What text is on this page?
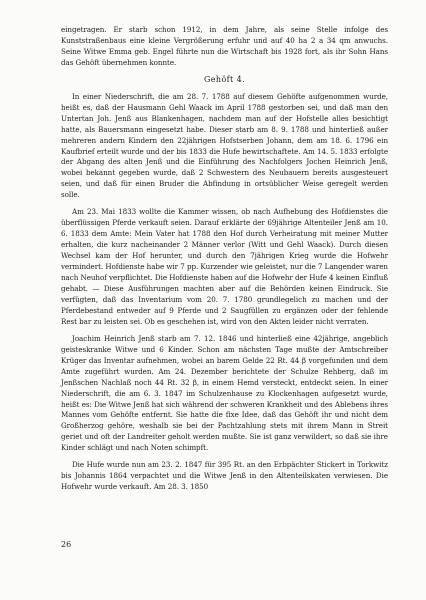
eingetragen. Er starb schon 1912, in dem Jahre, als seine Stelle infolge des Kunststraßenbaus eine kleine Vergrößerung erfuhr und auf 40 ha 2 a 34 qm anwuchs. Seine Witwe Emma geb. Engel führte nun die Wirtschaft bis 1928 fort, als ihr Sohn Hans das Gehöft übernehmen konnte.

Gehöft 4.

In einer Niederschrift, die am 28. 7. 1788 auf diesem Gehöfte aufgenommen wurde, heißt es, daß der Hausmann Gehl Waack im April 1788 gestorben sei, und daß man den Untertan Joh. Jenß aus Blankenhagen, nachdem man auf der Hofstelle alles besichtigt hatte, als Bauersmann eingesetzt habe. Dieser starb am 8. 9. 1788 und hinterließ außer mehreren andern Kindern den 22jährigen Hofstserben Johann, dem am 18. 6. 1796 ein Kaufbrief erteilt wurde und der bis 1833 die Hufe bewirtschaftete. Am 14. 5. 1833 erfolgte der Abgang des alten Jenß und die Einführung des Nachfolgers Jochen Heinrich Jenß, wobei bekannt gegeben wurde, daß 2 Schwestern des Neubauern bereits ausgesteuert seien, und daß für einen Bruder die Abfindung in ortsüblicher Weise geregelt werden solle.

Am 23. Mai 1833 wollte die Kammer wissen, ob nach Aufhebung des Hofdienstes die überflüssigen Pferde verkauft seien. Darauf erklärte der 69jährige Altenteiler Jenß am 10. 6. 1833 dem Amte: Mein Vater hat 1788 den Hof durch Verheiratung mit meiner Mutter erhalten, die kurz nacheinander 2 Männer verlor (Witt und Gehl Waack). Durch diesen Wechsel kam der Hof herunter, und durch den 7jährigen Krieg wurde die Hofwehr vermindert. Hofdienste habe wir 7 pp. Kurzender wie geleistet, nur die 7 Langender waren nach Neuhof verpflichtet. Die Hofdienste haben auf die Hofwehr der Hufe 4 keinen Einfluß gehabt. — Diese Ausführungen machten aber auf die Behörden keinen Eindruck. Sie verfügten, daß das Inventarium vom 20. 7. 1780 grundlegelich zu machen und der Pferdebestand entweder auf 9 Pferde und 2 Saugfüllen zu ergänzen oder der fehlende Rest bar zu leisten sei. Ob es geschehen ist, wird von den Akten leider nicht verraten.

Joachim Heinrich Jenß starb am 7. 12. 1846 und hinterließ eine 42jährige, angeblich geisteskranke Witwe und 6 Kinder. Schon am nächsten Tage mußte der Amtschreiber Krüger das Inventar aufnehmen, wobei an barem Gelde 22 Rt. 44 β vorgefunden und dem Amte zugeführt wurden. Am 24. Dezember berichtete der Schulze Rehberg, daß im Jenßschen Nachlaß noch 44 Rt. 32 β, in einem Hemd versteckt, entdeckt seien. In einer Niederschrift, die am 6. 3. 1847 im Schulzenhause zu Klockenhagen aufgesetzt wurde, heißt es: Die Witwe Jenß hat sich während der schweren Krankheit und des Ablebens ihres Mannes vom Gehöfte entfernt. Sie hatte die fixe Idee, daß das Gehöft ihr und nicht dem Großherzog gehöre, weshalb sie bei der Pachtzahlung stets mit ihrem Mann in Streit geriet und oft der Landreiter geholt werden mußte. Sie ist ganz verwildert, so daß sie ihre Kinder schlägt und nach Noten schimpft.

Die Hufe wurde nun am 23. 2. 1847 für 395 Rt. an den Erbpächter Stickert in Torkwitz bis Johannis 1864 verpachtet und die Witwe Jenß in den Altenteilskaten verwiesen. Die Hofwehr wurde verkauft. Am 28. 3. 1850

26
